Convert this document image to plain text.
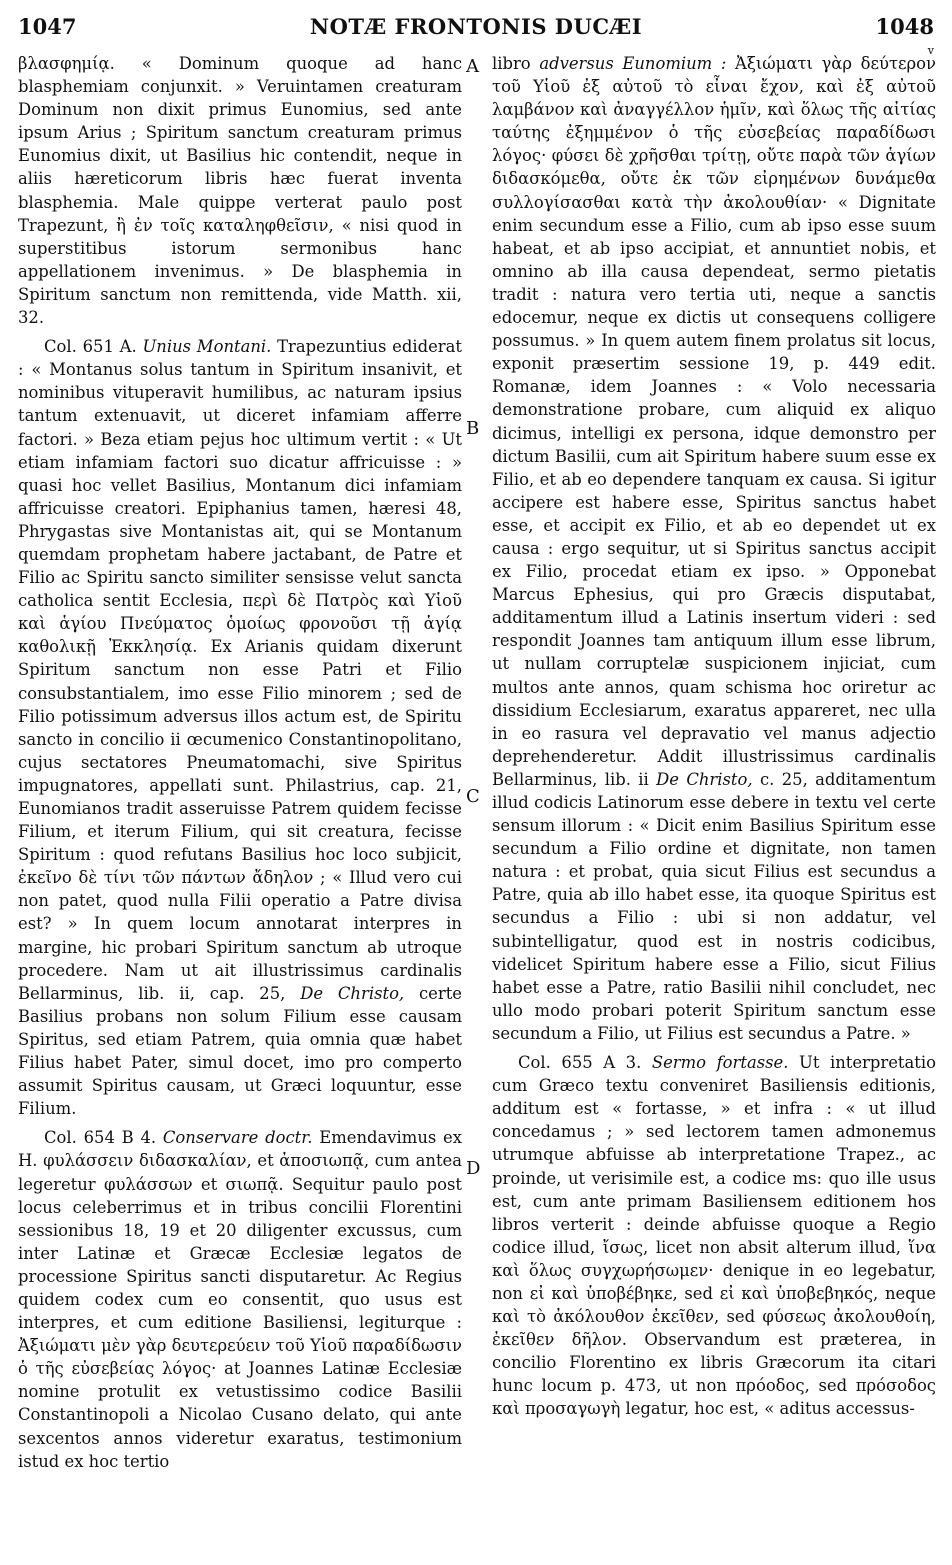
1047	NOTÆ FRONTONIS DUCÆI	1048
v
A
B
C
D

βλασφημίᾳ. « Dominum quoque ad hanc blasphemiam conjunxit. » Veruintamen creaturam Dominum non dixit primus Eunomius, sed ante ipsum Arius ; Spiritum sanctum creaturam primus Eunomius dixit, ut Basilius hic contendit, neque in aliis hæreticorum libris hæc fuerat inventa blasphemia. Male quippe verterat paulo post Trapezunt, ἢ ἐν τοῖς καταληφθεῖσιν, « nisi quod in superstitibus istorum sermonibus hanc appellationem invenimus. » De blasphemia in Spiritum sanctum non remittenda, vide Matth. xii, 32.

Col. 651 A. Unius Montani. Trapezuntius ediderat : « Montanus solus tantum in Spiritum insanivit, et nominibus vituperavit humilibus, ac naturam ipsius tantum extenuavit, ut diceret infamiam afferre factori. » Beza etiam pejus hoc ultimum vertit : « Ut etiam infamiam factori suo dicatur affricuisse : » quasi hoc vellet Basilius, Montanum dici infamiam affricuisse creatori. Epiphanius tamen, hæresi 48, Phrygastas sive Montanistas ait, qui se Montanum quemdam prophetam habere jactabant, de Patre et Filio ac Spiritu sancto similiter sensisse velut sancta catholica sentit Ecclesia, περὶ δὲ Πατρὸς καὶ Υἱοῦ καὶ ἁγίου Πνεύματος ὁμοίως φρονοῦσι τῇ ἁγίᾳ καθολικῇ Ἐκκλησίᾳ. Ex Arianis quidam dixerunt Spiritum sanctum non esse Patri et Filio consubstantialem, imo esse Filio minorem ; sed de Filio potissimum adversus illos actum est, de Spiritu sancto in concilio ii œcumenico Constantinopolitano, cujus sectatores Pneumatomachi, sive Spiritus impugnatores, appellati sunt. Philastrius, cap. 21, Eunomianos tradit asseruisse Patrem quidem fecisse Filium, et iterum Filium, qui sit creatura, fecisse Spiritum : quod refutans Basilius hoc loco subjicit, ἐκεῖνο δὲ τίνι τῶν πάντων ἄδηλον ; « Illud vero cui non patet, quod nulla Filii operatio a Patre divisa est? » In quem locum annotarat interpres in margine, hic probari Spiritum sanctum ab utroque procedere. Nam ut ait illustrissimus cardinalis Bellarminus, lib. ii, cap. 25, De Christo, certe Basilius probans non solum Filium esse causam Spiritus, sed etiam Patrem, quia omnia quæ habet Filius habet Pater, simul docet, imo pro comperto assumit Spiritus causam, ut Græci loquuntur, esse Filium.

Col. 654 B 4. Conservare doctr. Emendavimus ex H. φυλάσσειν διδασκαλίαν, et ἀποσιωπᾷ, cum antea legeretur φυλάσσων et σιωπᾷ. Sequitur paulo post locus celeberrimus et in tribus concilii Florentini sessionibus 18, 19 et 20 diligenter excussus, cum inter Latinæ et Græcæ Ecclesiæ legatos de processione Spiritus sancti disputaretur. Ac Regius quidem codex cum eo consentit, quo usus est interpres, et cum editione Basiliensi, legiturque : Ἀξιώματι μὲν γὰρ δευτερεύειν τοῦ Υἱοῦ παραδίδωσιν ὁ τῆς εὐσεβείας λόγος· at Joannes Latinæ Ecclesiæ nomine protulit ex vetustissimo codice Basilii Constantinopoli a Nicolao Cusano delato, qui ante sexcentos annos videretur exaratus, testimonium istud ex hoc tertio

libro adversus Eunomium : Ἀξιώματι γὰρ δεύτερον τοῦ Υἱοῦ ἐξ αὐτοῦ τὸ εἶναι ἔχον, καὶ ἐξ αὐτοῦ λαμβάνον καὶ ἀναγγέλλον ἡμῖν, καὶ ὅλως τῆς αἰτίας ταύτης ἐξημμένον ὁ τῆς εὐσεβείας παραδίδωσι λόγος· φύσει δὲ χρῆσθαι τρίτῃ, οὔτε παρὰ τῶν ἁγίων διδασκόμεθα, οὔτε ἐκ τῶν εἰρημένων δυνάμεθα συλλογίσασθαι κατὰ τὴν ἀκολουθίαν· « Dignitate enim secundum esse a Filio, cum ab ipso esse suum habeat, et ab ipso accipiat, et annuntiet nobis, et omnino ab illa causa dependeat, sermo pietatis tradit : natura vero tertia uti, neque a sanctis edocemur, neque ex dictis ut consequens colligere possumus. » In quem autem finem prolatus sit locus, exponit præsertim sessione 19, p. 449 edit. Romanæ, idem Joannes : « Volo necessaria demonstratione probare, cum aliquid ex aliquo dicimus, intelligi ex persona, idque demonstro per dictum Basilii, cum ait Spiritum habere suum esse ex Filio, et ab eo dependere tanquam ex causa. Si igitur accipere est habere esse, Spiritus sanctus habet esse, et accipit ex Filio, et ab eo dependet ut ex causa : ergo sequitur, ut si Spiritus sanctus accipit ex Filio, procedat etiam ex ipso. » Opponebat Marcus Ephesius, qui pro Græcis disputabat, additamentum illud a Latinis insertum videri : sed respondit Joannes tam antiquum illum esse librum, ut nullam corruptelæ suspicionem injiciat, cum multos ante annos, quam schisma hoc oriretur ac dissidium Ecclesiarum, exaratus appareret, nec ulla in eo rasura vel depravatio vel manus adjectio deprehenderetur. Addit illustrissimus cardinalis Bellarminus, lib. ii De Christo, c. 25, additamentum illud codicis Latinorum esse debere in textu vel certe sensum illorum : « Dicit enim Basilius Spiritum esse secundum a Filio ordine et dignitate, non tamen natura : et probat, quia sicut Filius est secundus a Patre, quia ab illo habet esse, ita quoque Spiritus est secundus a Filio : ubi si non addatur, vel subintelligatur, quod est in nostris codicibus, videlicet Spiritum habere esse a Filio, sicut Filius habet esse a Patre, ratio Basilii nihil concludet, nec ullo modo probari poterit Spiritum sanctum esse secundum a Filio, ut Filius est secundus a Patre. »

Col. 655 A 3. Sermo fortasse. Ut interpretatio cum Græco textu conveniret Basiliensis editionis, additum est « fortasse, » et infra : « ut illud concedamus ; » sed lectorem tamen admonemus utrumque abfuisse ab interpretatione Trapez., ac proinde, ut verisimile est, a codice ms: quo ille usus est, cum ante primam Basiliensem editionem hos libros verterit : deinde abfuisse quoque a Regio codice illud, ἴσως, licet non absit alterum illud, ἵνα καὶ ὅλως συγχωρήσωμεν· denique in eo legebatur, non εἰ καὶ ὑποβέβηκε, sed εἰ καὶ ὑποβεβηκός, neque καὶ τὸ ἀκόλουθον ἐκεῖθεν, sed φύσεως ἀκολουθοίη, ἐκεῖθεν δῆλον. Observandum est præterea, in concilio Florentino ex libris Græcorum ita citari hunc locum p. 473, ut non πρόοδος, sed πρόσοδος καὶ προσαγωγὴ legatur, hoc est, « aditus accessus-
